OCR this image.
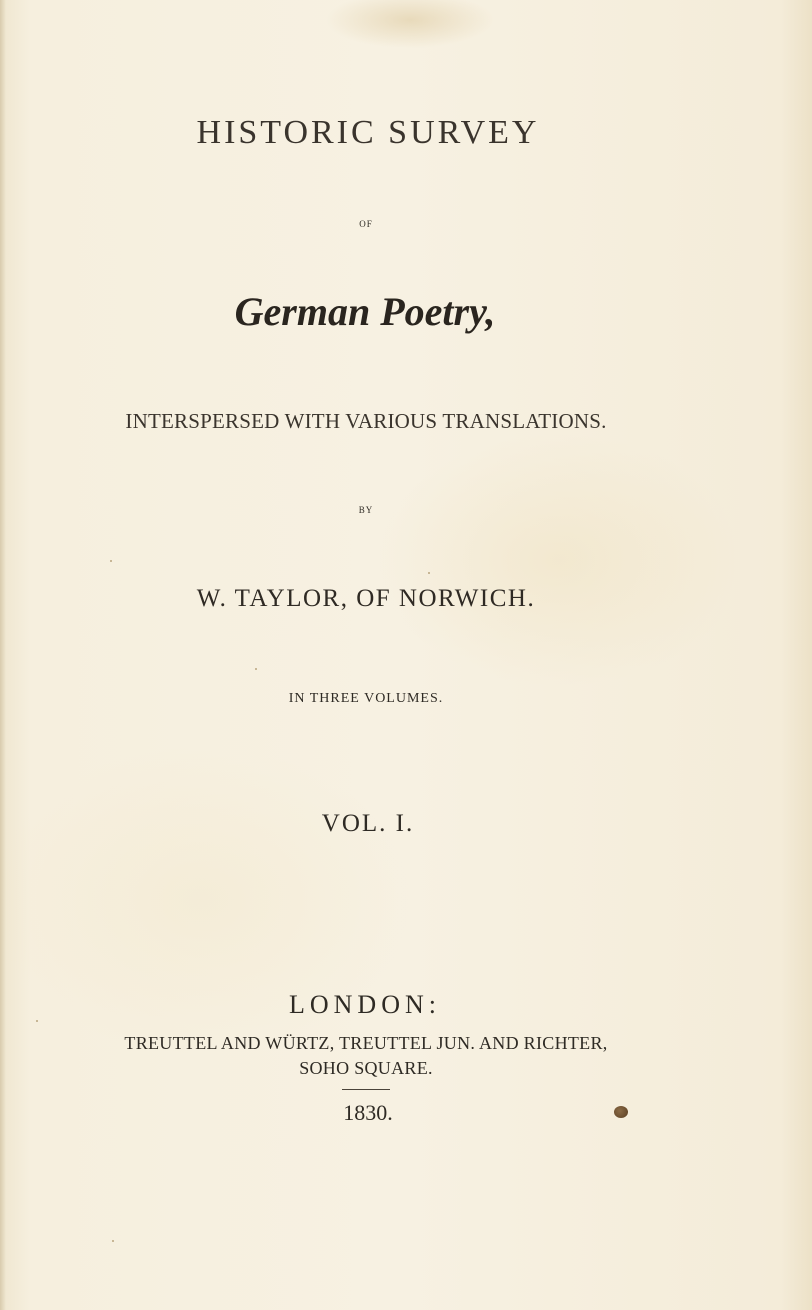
HISTORIC SURVEY
OF
German Poetry,
INTERSPERSED WITH VARIOUS TRANSLATIONS.
BY
W. TAYLOR, OF NORWICH.
IN THREE VOLUMES.
VOL. I.
LONDON:
TREUTTEL AND WÜRTZ, TREUTTEL JUN. AND RICHTER,
SOHO SQUARE.
1830.
